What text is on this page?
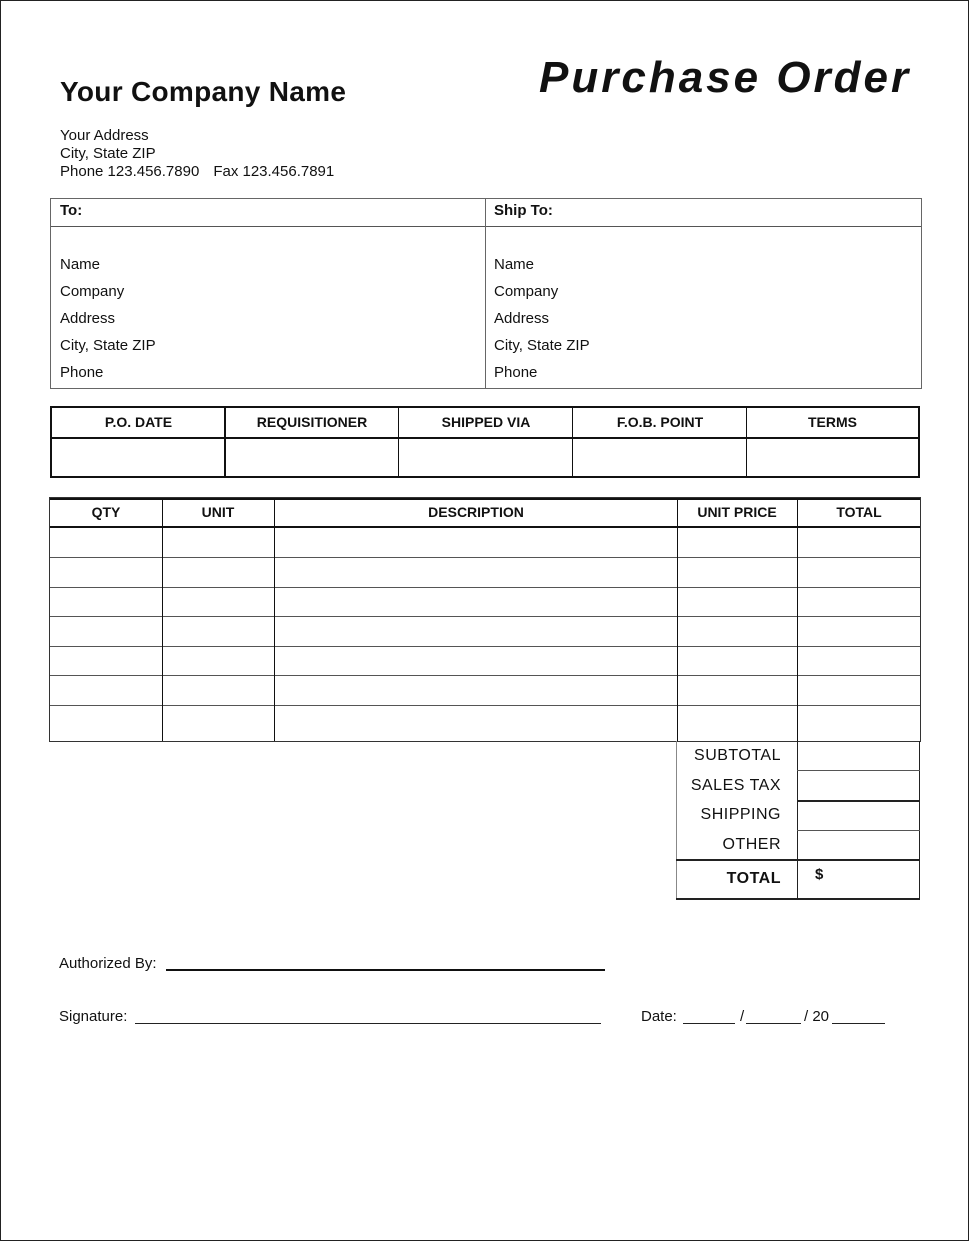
Your Company Name	Purchase Order
Your Address
City, State ZIP
Phone 123.456.7890 Fax 123.456.7891
To:	Ship To:
Name
Company
Address
City, State ZIP
Phone
Name
Company
Address
City, State ZIP
Phone
P.O. DATE	REQUISITIONER	SHIPPED VIA	F.O.B. POINT	TERMS
QTY	UNIT	DESCRIPTION	UNIT PRICE	TOTAL
SUBTOTAL
SALES TAX
SHIPPING
OTHER
TOTAL $
Authorized By:
Signature:	Date:	/	/ 20
